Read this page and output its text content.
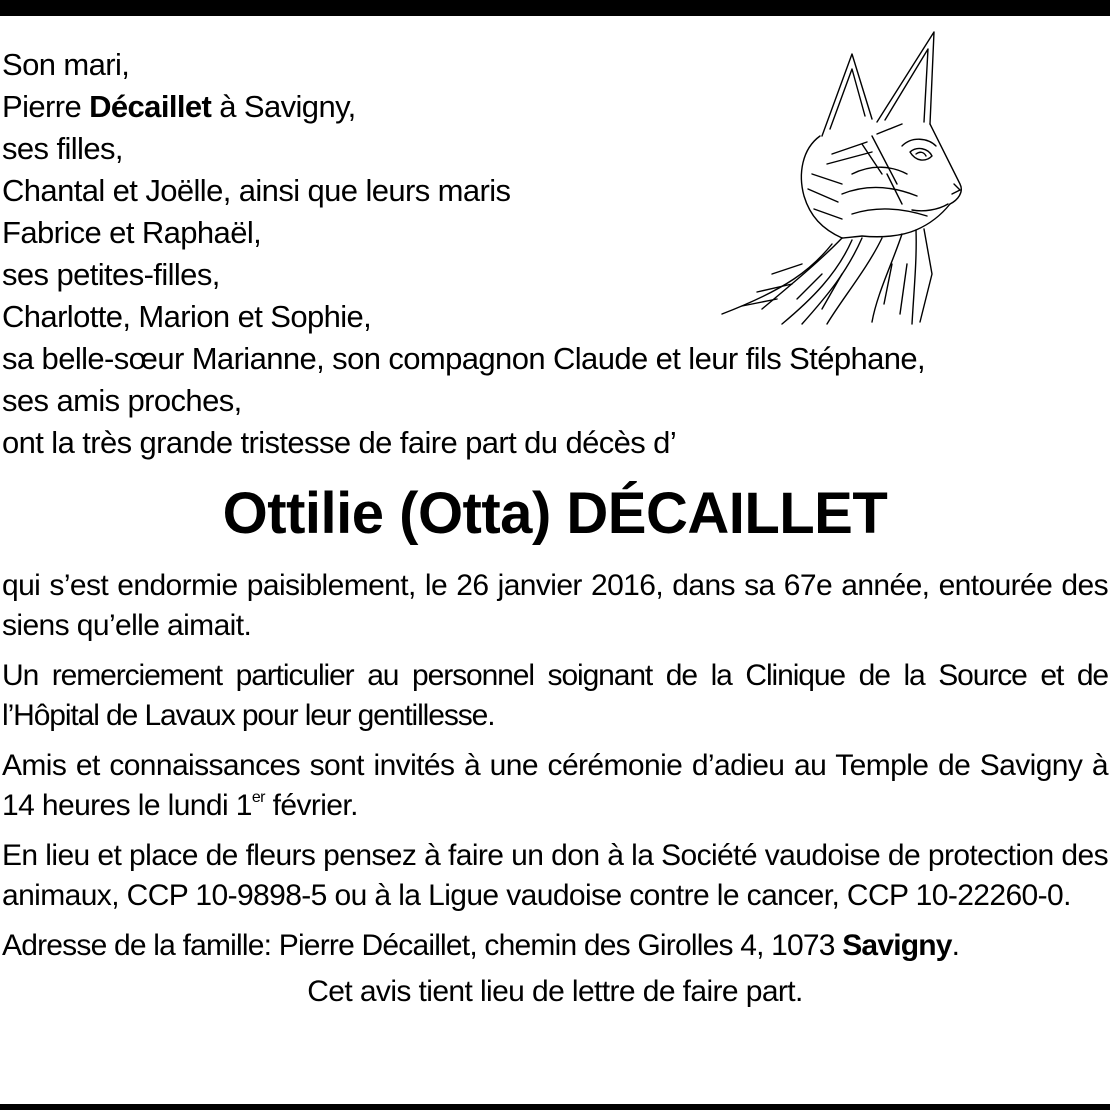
Son mari,
Pierre Décaillet à Savigny,
ses filles,
Chantal et Joëlle, ainsi que leurs maris
Fabrice et Raphaël,
ses petites-filles,
Charlotte, Marion et Sophie,
sa belle-sœur Marianne, son compagnon Claude et leur fils Stéphane,
ses amis proches,
ont la très grande tristesse de faire part du décès d’
Ottilie (Otta) DÉCAILLET

qui s’est endormie paisiblement, le 26 janvier 2016, dans sa 67e année, entourée des siens qu’elle aimait.

Un remerciement particulier au personnel soignant de la Clinique de la Source et de l’Hôpital de Lavaux pour leur gentillesse.

Amis et connaissances sont invités à une cérémonie d’adieu au Temple de Savigny à 14 heures le lundi 1er février.

En lieu et place de fleurs pensez à faire un don à la Société vaudoise de protection des animaux, CCP 10-9898-5 ou à la Ligue vaudoise contre le cancer, CCP 10-22260-0.

Adresse de la famille: Pierre Décaillet, chemin des Girolles 4, 1073 Savigny.
Cet avis tient lieu de lettre de faire part.
